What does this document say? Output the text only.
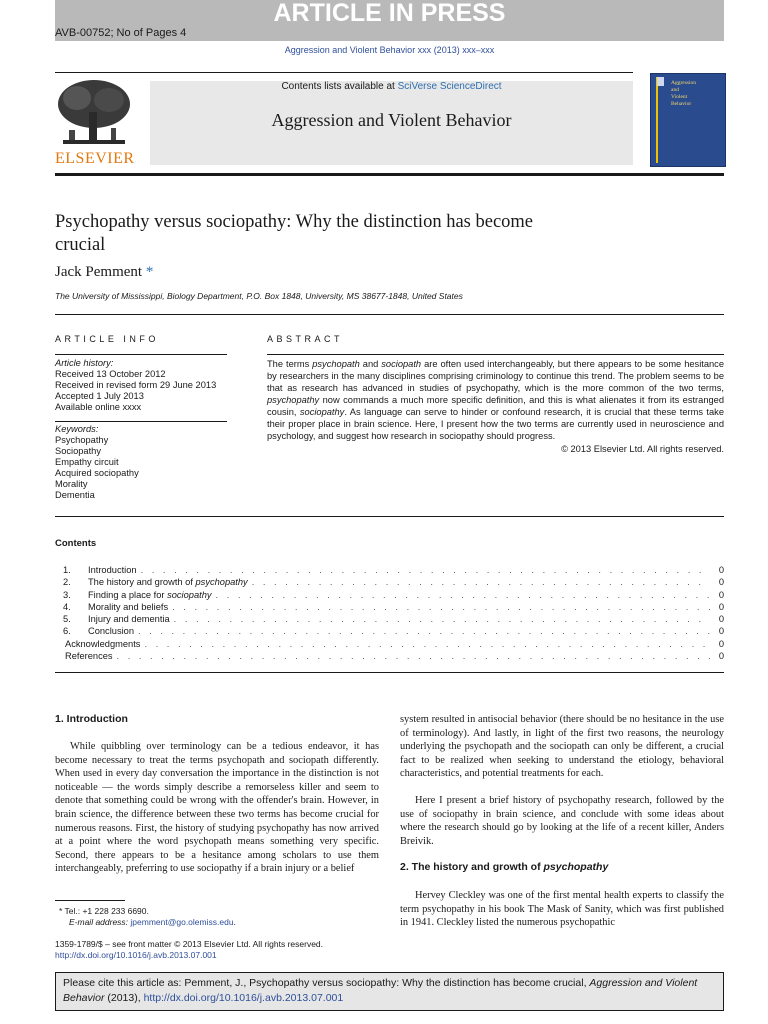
ARTICLE IN PRESS
AVB-00752; No of Pages 4
Aggression and Violent Behavior xxx (2013) xxx–xxx
Contents lists available at SciVerse ScienceDirect
Aggression and Violent Behavior
ELSEVIER
Aggression
and
Violent
Behavior
Psychopathy versus sociopathy: Why the distinction has become crucial
Jack Pemment *
The University of Mississippi, Biology Department, P.O. Box 1848, University, MS 38677-1848, United States
ARTICLE INFO
Article history:
Received 13 October 2012
Received in revised form 29 June 2013
Accepted 1 July 2013
Available online xxxx
Keywords:
Psychopathy
Sociopathy
Empathy circuit
Acquired sociopathy
Morality
Dementia
ABSTRACT
The terms psychopath and sociopath are often used interchangeably, but there appears to be some hesitance by researchers in the many disciplines comprising criminology to continue this trend. The problem seems to be that as research has advanced in studies of psychopathy, which is the more common of the two terms, psychopathy now commands a much more specific definition, and this is what alienates it from its estranged cousin, sociopathy. As language can serve to hinder or confound research, it is crucial that these terms take their proper place in brain science. Here, I present how the two terms are currently used in neuroscience and psychology, and suggest how research in sociopathy should progress.
© 2013 Elsevier Ltd. All rights reserved.
Contents
1.	Introduction . . .	0
2.	The history and growth of psychopathy . . .	0
3.	Finding a place for sociopathy . . .	0
4.	Morality and beliefs . . .	0
5.	Injury and dementia . . .	0
6.	Conclusion . . .	0
Acknowledgments . . .	0
References . . .	0
1. Introduction
While quibbling over terminology can be a tedious endeavor, it has become necessary to treat the terms psychopath and sociopath differently. When used in every day conversation the importance in the distinction is not noticeable — the words simply describe a remorseless killer and seem to denote that something could be wrong with the offender's brain. However, in brain science, the difference between these two terms has become crucial for numerous reasons. First, the history of studying psychopathy has now arrived at a point where the word psychopath means something very specific. Second, there appears to be a hesitance among scholars to use them interchangeably, preferring to use sociopathy if a brain injury or a belief
system resulted in antisocial behavior (there should be no hesitance in the use of terminology). And lastly, in light of the first two reasons, the neurology underlying the psychopath and the sociopath can only be different, a crucial fact to be realized when seeking to understand the etiology, behavioral characteristics, and potential treatments for each.
Here I present a brief history of psychopathy research, followed by the use of sociopathy in brain science, and conclude with some ideas about where the research should go by looking at the life of a recent killer, Anders Breivik.
2. The history and growth of psychopathy
Hervey Cleckley was one of the first mental health experts to classify the term psychopathy in his book The Mask of Sanity, which was first published in 1941. Cleckley listed the numerous psychopathic
* Tel.: +1 228 233 6690.
E-mail address: jpemment@go.olemiss.edu.
1359-1789/$ – see front matter © 2013 Elsevier Ltd. All rights reserved.
http://dx.doi.org/10.1016/j.avb.2013.07.001
Please cite this article as: Pemment, J., Psychopathy versus sociopathy: Why the distinction has become crucial, Aggression and Violent Behavior (2013), http://dx.doi.org/10.1016/j.avb.2013.07.001
